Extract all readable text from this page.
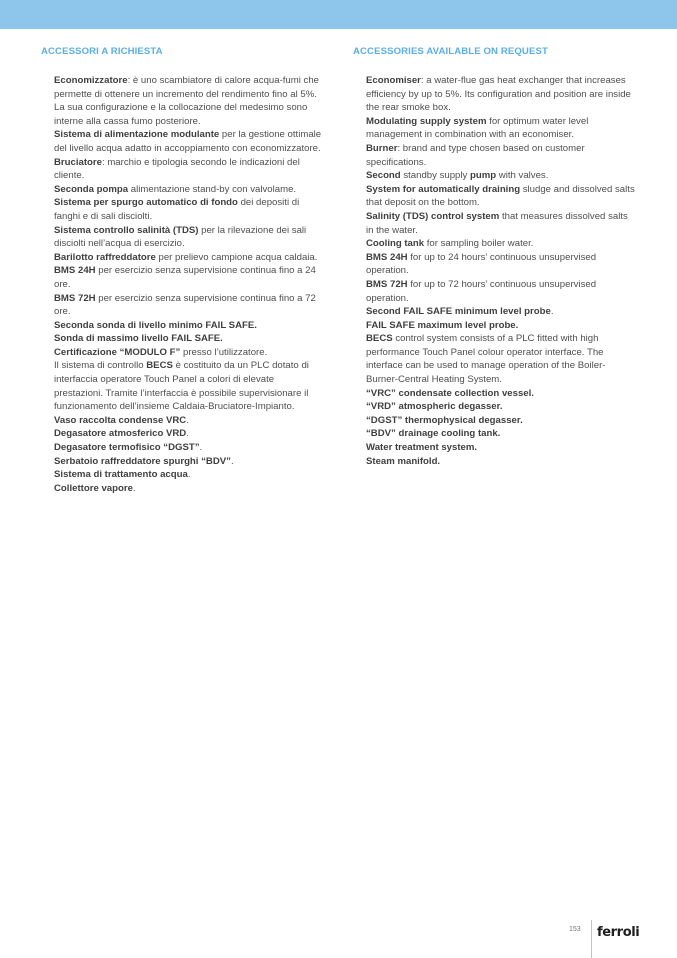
ACCESSORI A RICHIESTA
Economizzatore: è uno scambiatore di calore acqua-fumi che permette di ottenere un incremento del rendimento fino al 5%. La sua configurazione e la collocazione del medesimo sono interne alla cassa fumo posteriore.
Sistema di alimentazione modulante per la gestione ottimale del livello acqua adatto in accoppiamento con economizzatore.
Bruciatore: marchio e tipologia secondo le indicazioni del cliente.
Seconda pompa alimentazione stand-by con valvolame.
Sistema per spurgo automatico di fondo dei depositi di fanghi e di sali disciolti.
Sistema controllo salinità (TDS) per la rilevazione dei sali disciolti nell’acqua di esercizio.
Barilotto raffreddatore per prelievo campione acqua caldaia.
BMS 24H per esercizio senza supervisione continua fino a 24 ore.
BMS 72H per esercizio senza supervisione continua fino a 72 ore.
Seconda sonda di livello minimo FAIL SAFE.
Sonda di massimo livello FAIL SAFE.
Certificazione “MODULO F” presso l’utilizzatore.
Il sistema di controllo BECS è costituito da un PLC dotato di interfaccia operatore Touch Panel a colori di elevate prestazioni. Tramite l’interfaccia è possibile supervisionare il funzionamento dell’insieme Caldaia-Bruciatore-Impianto.
Vaso raccolta condense VRC.
Degasatore atmosferico VRD.
Degasatore termofisico “DGST”.
Serbatoio raffreddatore spurghi “BDV”.
Sistema di trattamento acqua.
Collettore vapore.
ACCESSORIES AVAILABLE ON REQUEST
Economiser: a water-flue gas heat exchanger that increases efficiency by up to 5%. Its configuration and position are inside the rear smoke box.
Modulating supply system for optimum water level management in combination with an economiser.
Burner: brand and type chosen based on customer specifications.
Second standby supply pump with valves.
System for automatically draining sludge and dissolved salts that deposit on the bottom.
Salinity (TDS) control system that measures dissolved salts in the water.
Cooling tank for sampling boiler water.
BMS 24H for up to 24 hours’ continuous unsupervised operation.
BMS 72H for up to 72 hours’ continuous unsupervised operation.
Second FAIL SAFE minimum level probe.
FAIL SAFE maximum level probe.
BECS control system consists of a PLC fitted with high performance Touch Panel colour operator interface. The interface can be used to manage operation of the Boiler-Burner-Central Heating System.
“VRC” condensate collection vessel.
“VRD” atmospheric degasser.
“DGST” thermophysical degasser.
“BDV” drainage cooling tank.
Water treatment system.
Steam manifold.
153 ferroli
